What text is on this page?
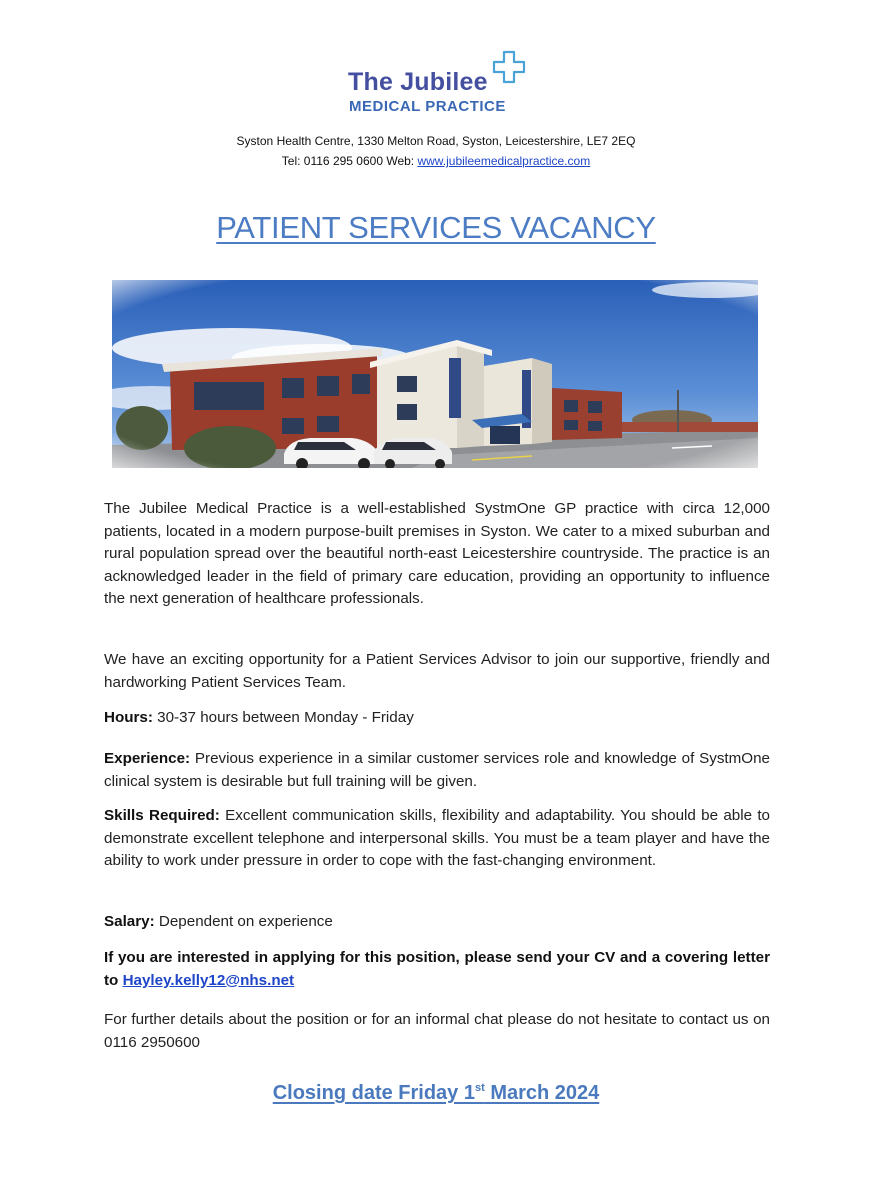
The Jubilee
MEDICAL PRACTICE
Syston Health Centre, 1330 Melton Road, Syston, Leicestershire, LE7 2EQ
Tel: 0116 295 0600 Web: www.jubileemedicalpractice.com
PATIENT SERVICES VACANCY
The Jubilee Medical Practice is a well-established SystmOne GP practice with circa 12,000 patients, located in a modern purpose-built premises in Syston. We cater to a mixed suburban and rural population spread over the beautiful north-east Leicestershire countryside. The practice is an acknowledged leader in the field of primary care education, providing an opportunity to influence the next generation of healthcare professionals.
We have an exciting opportunity for a Patient Services Advisor to join our supportive, friendly and hardworking Patient Services Team.
Hours: 30-37 hours between Monday - Friday
Experience: Previous experience in a similar customer services role and knowledge of SystmOne clinical system is desirable but full training will be given.
Skills Required: Excellent communication skills, flexibility and adaptability. You should be able to demonstrate excellent telephone and interpersonal skills. You must be a team player and have the ability to work under pressure in order to cope with the fast-changing environment.
Salary: Dependent on experience
If you are interested in applying for this position, please send your CV and a covering letter to Hayley.kelly12@nhs.net
For further details about the position or for an informal chat please do not hesitate to contact us on 0116 2950600
Closing date Friday 1st March 2024
